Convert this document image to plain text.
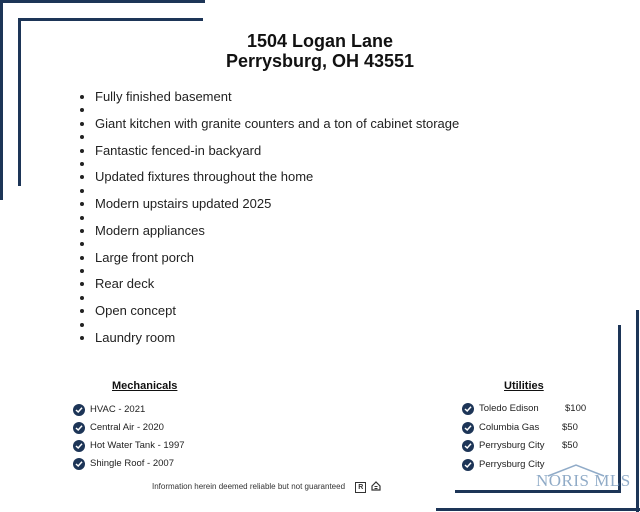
1504 Logan Lane
Perrysburg, OH 43551
Fully finished basement
Giant kitchen with granite counters and a ton of cabinet storage
Fantastic fenced-in backyard
Updated fixtures throughout the home
Modern upstairs updated 2025
Modern appliances
Large front porch
Rear deck
Open concept
Laundry room
Mechanicals
HVAC - 2021
Central Air - 2020
Hot Water Tank - 1997
Shingle Roof - 2007
Utilities
Toledo Edison	$100
Columbia Gas $50
Perrysburg City $50
Perrysburg City
Information herein deemed reliable but not guaranteed R	NORIS MLS
